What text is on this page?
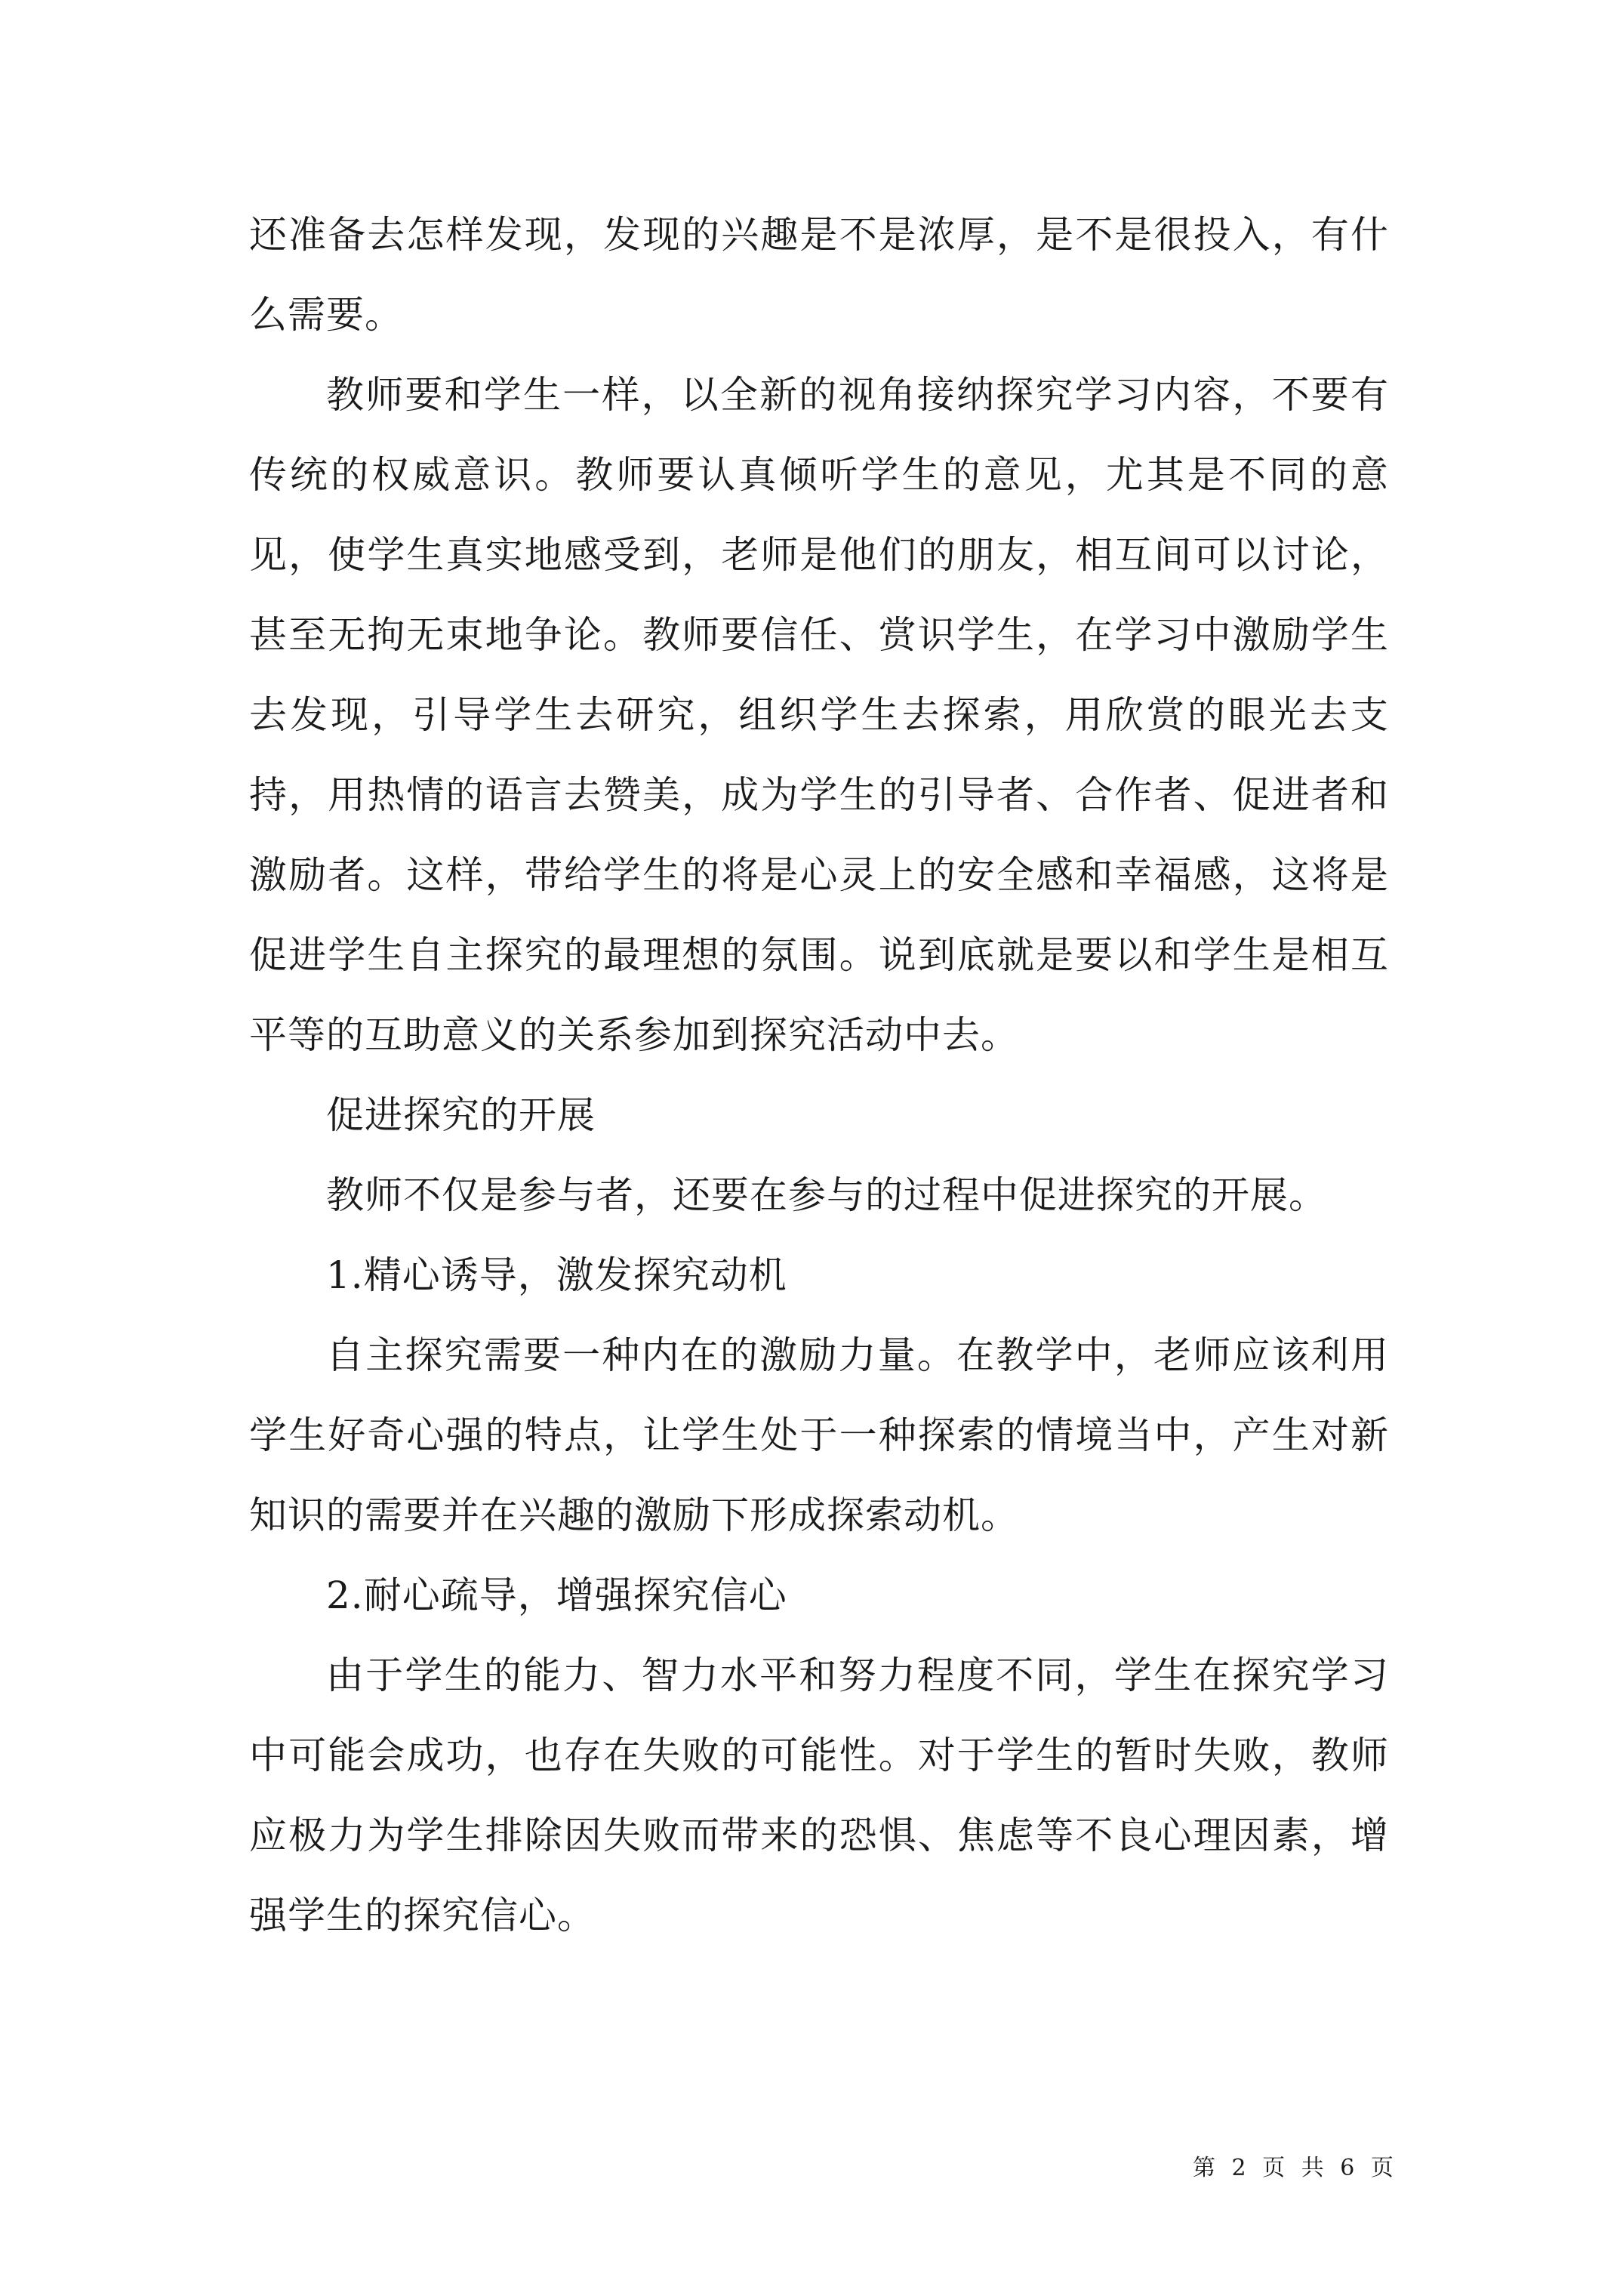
还准备去怎样发现，发现的兴趣是不是浓厚，是不是很投入，有什么需要。

教师要和学生一样，以全新的视角接纳探究学习内容，不要有传统的权威意识。教师要认真倾听学生的意见，尤其是不同的意见，使学生真实地感受到，老师是他们的朋友，相互间可以讨论，甚至无拘无束地争论。教师要信任、赏识学生，在学习中激励学生去发现，引导学生去研究，组织学生去探索，用欣赏的眼光去支持，用热情的语言去赞美，成为学生的引导者、合作者、促进者和激励者。这样，带给学生的将是心灵上的安全感和幸福感，这将是促进学生自主探究的最理想的氛围。说到底就是要以和学生是相互平等的互助意义的关系参加到探究活动中去。

促进探究的开展

教师不仅是参与者，还要在参与的过程中促进探究的开展。

1.精心诱导，激发探究动机

自主探究需要一种内在的激励力量。在教学中，老师应该利用学生好奇心强的特点，让学生处于一种探索的情境当中，产生对新知识的需要并在兴趣的激励下形成探索动机。

2.耐心疏导，增强探究信心

由于学生的能力、智力水平和努力程度不同，学生在探究学习中可能会成功，也存在失败的可能性。对于学生的暂时失败，教师应极力为学生排除因失败而带来的恐惧、焦虑等不良心理因素，增强学生的探究信心。

第 2 页 共 6 页
